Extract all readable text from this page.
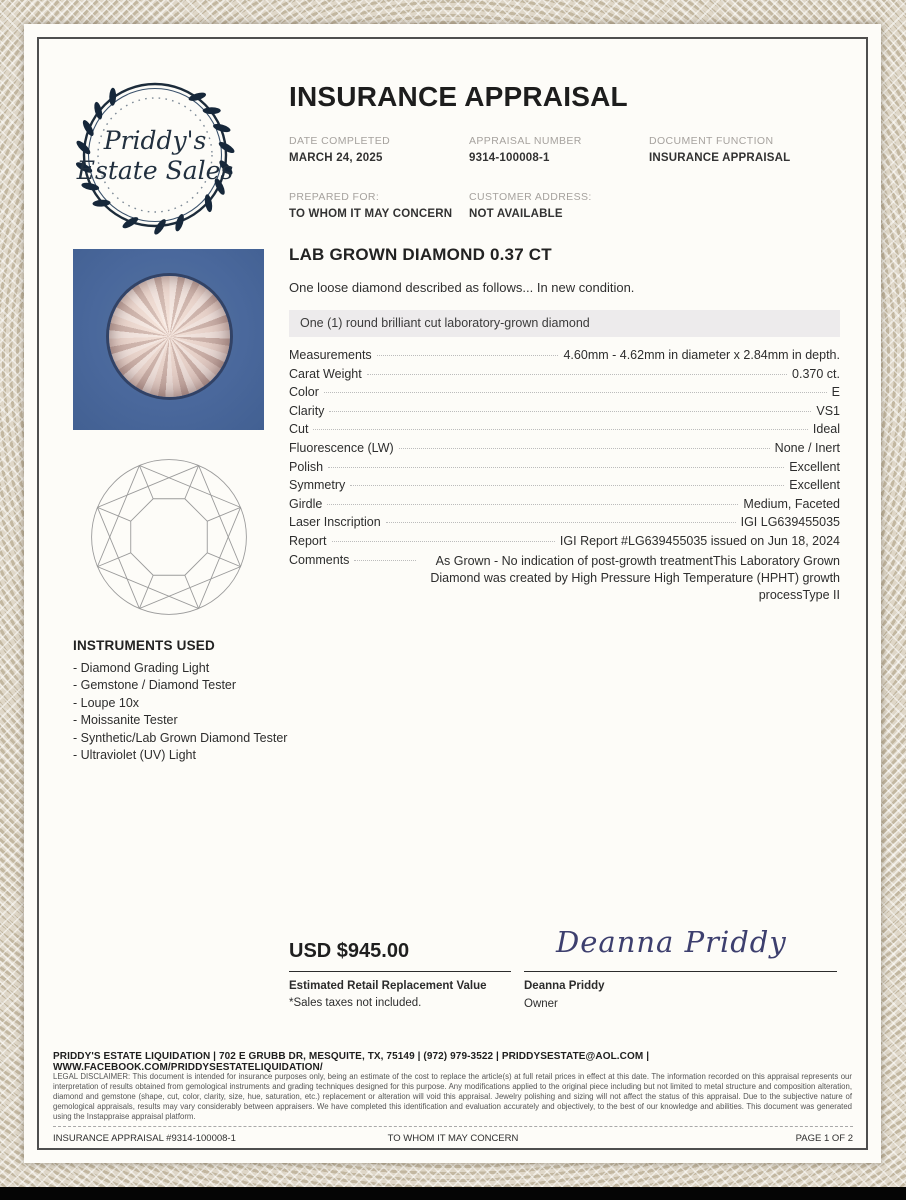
Priddy's
Estate Sales
INSURANCE APPRAISAL
DATE COMPLETED
MARCH 24, 2025
APPRAISAL NUMBER
9314-100008-1
DOCUMENT FUNCTION
INSURANCE APPRAISAL
PREPARED FOR:
TO WHOM IT MAY CONCERN
CUSTOMER ADDRESS:
NOT AVAILABLE
LAB GROWN DIAMOND 0.37 CT
One loose diamond described as follows... In new condition.
One (1) round brilliant cut laboratory-grown diamond
Measurements	4.60mm - 4.62mm in diameter x 2.84mm in depth.
Carat Weight	0.370 ct.
Color	E
Clarity	VS1
Cut	Ideal
Fluorescence (LW)	None / Inert
Polish	Excellent
Symmetry	Excellent
Girdle	Medium, Faceted
Laser Inscription	IGI LG639455035
Report	IGI Report #LG639455035 issued on Jun 18, 2024
Comments	As Grown - No indication of post-growth treatmentThis Laboratory Grown Diamond was created by High Pressure High Temperature (HPHT) growth processType II
INSTRUMENTS USED
- Diamond Grading Light
- Gemstone / Diamond Tester
- Loupe 10x
- Moissanite Tester
- Synthetic/Lab Grown Diamond Tester
- Ultraviolet (UV) Light
USD $945.00
Estimated Retail Replacement Value
*Sales taxes not included.
Deanna Priddy
Deanna Priddy
Owner
PRIDDY'S ESTATE LIQUIDATION | 702 E GRUBB DR, MESQUITE, TX, 75149 | (972) 979-3522 | PRIDDYSESTATE@AOL.COM | WWW.FACEBOOK.COM/PRIDDYSESTATELIQUIDATION/
LEGAL DISCLAIMER: This document is intended for insurance purposes only, being an estimate of the cost to replace the article(s) at full retail prices in effect at this date. The information recorded on this appraisal represents our interpretation of results obtained from gemological instruments and grading techniques designed for this purpose. Any modifications applied to the original piece including but not limited to metal structure and composition alteration, diamond and gemstone (shape, cut, color, clarity, size, hue, saturation, etc.) replacement or alteration will void this appraisal. Jewelry polishing and sizing will not affect the status of this appraisal. Due to the subjective nature of gemological appraisals, results may vary considerably between appraisers. We have completed this identification and evaluation accurately and objectively, to the best of our knowledge and abilities. This document was generated using the Instappraise appraisal platform.
INSURANCE APPRAISAL #9314-100008-1	TO WHOM IT MAY CONCERN	PAGE 1 OF 2
